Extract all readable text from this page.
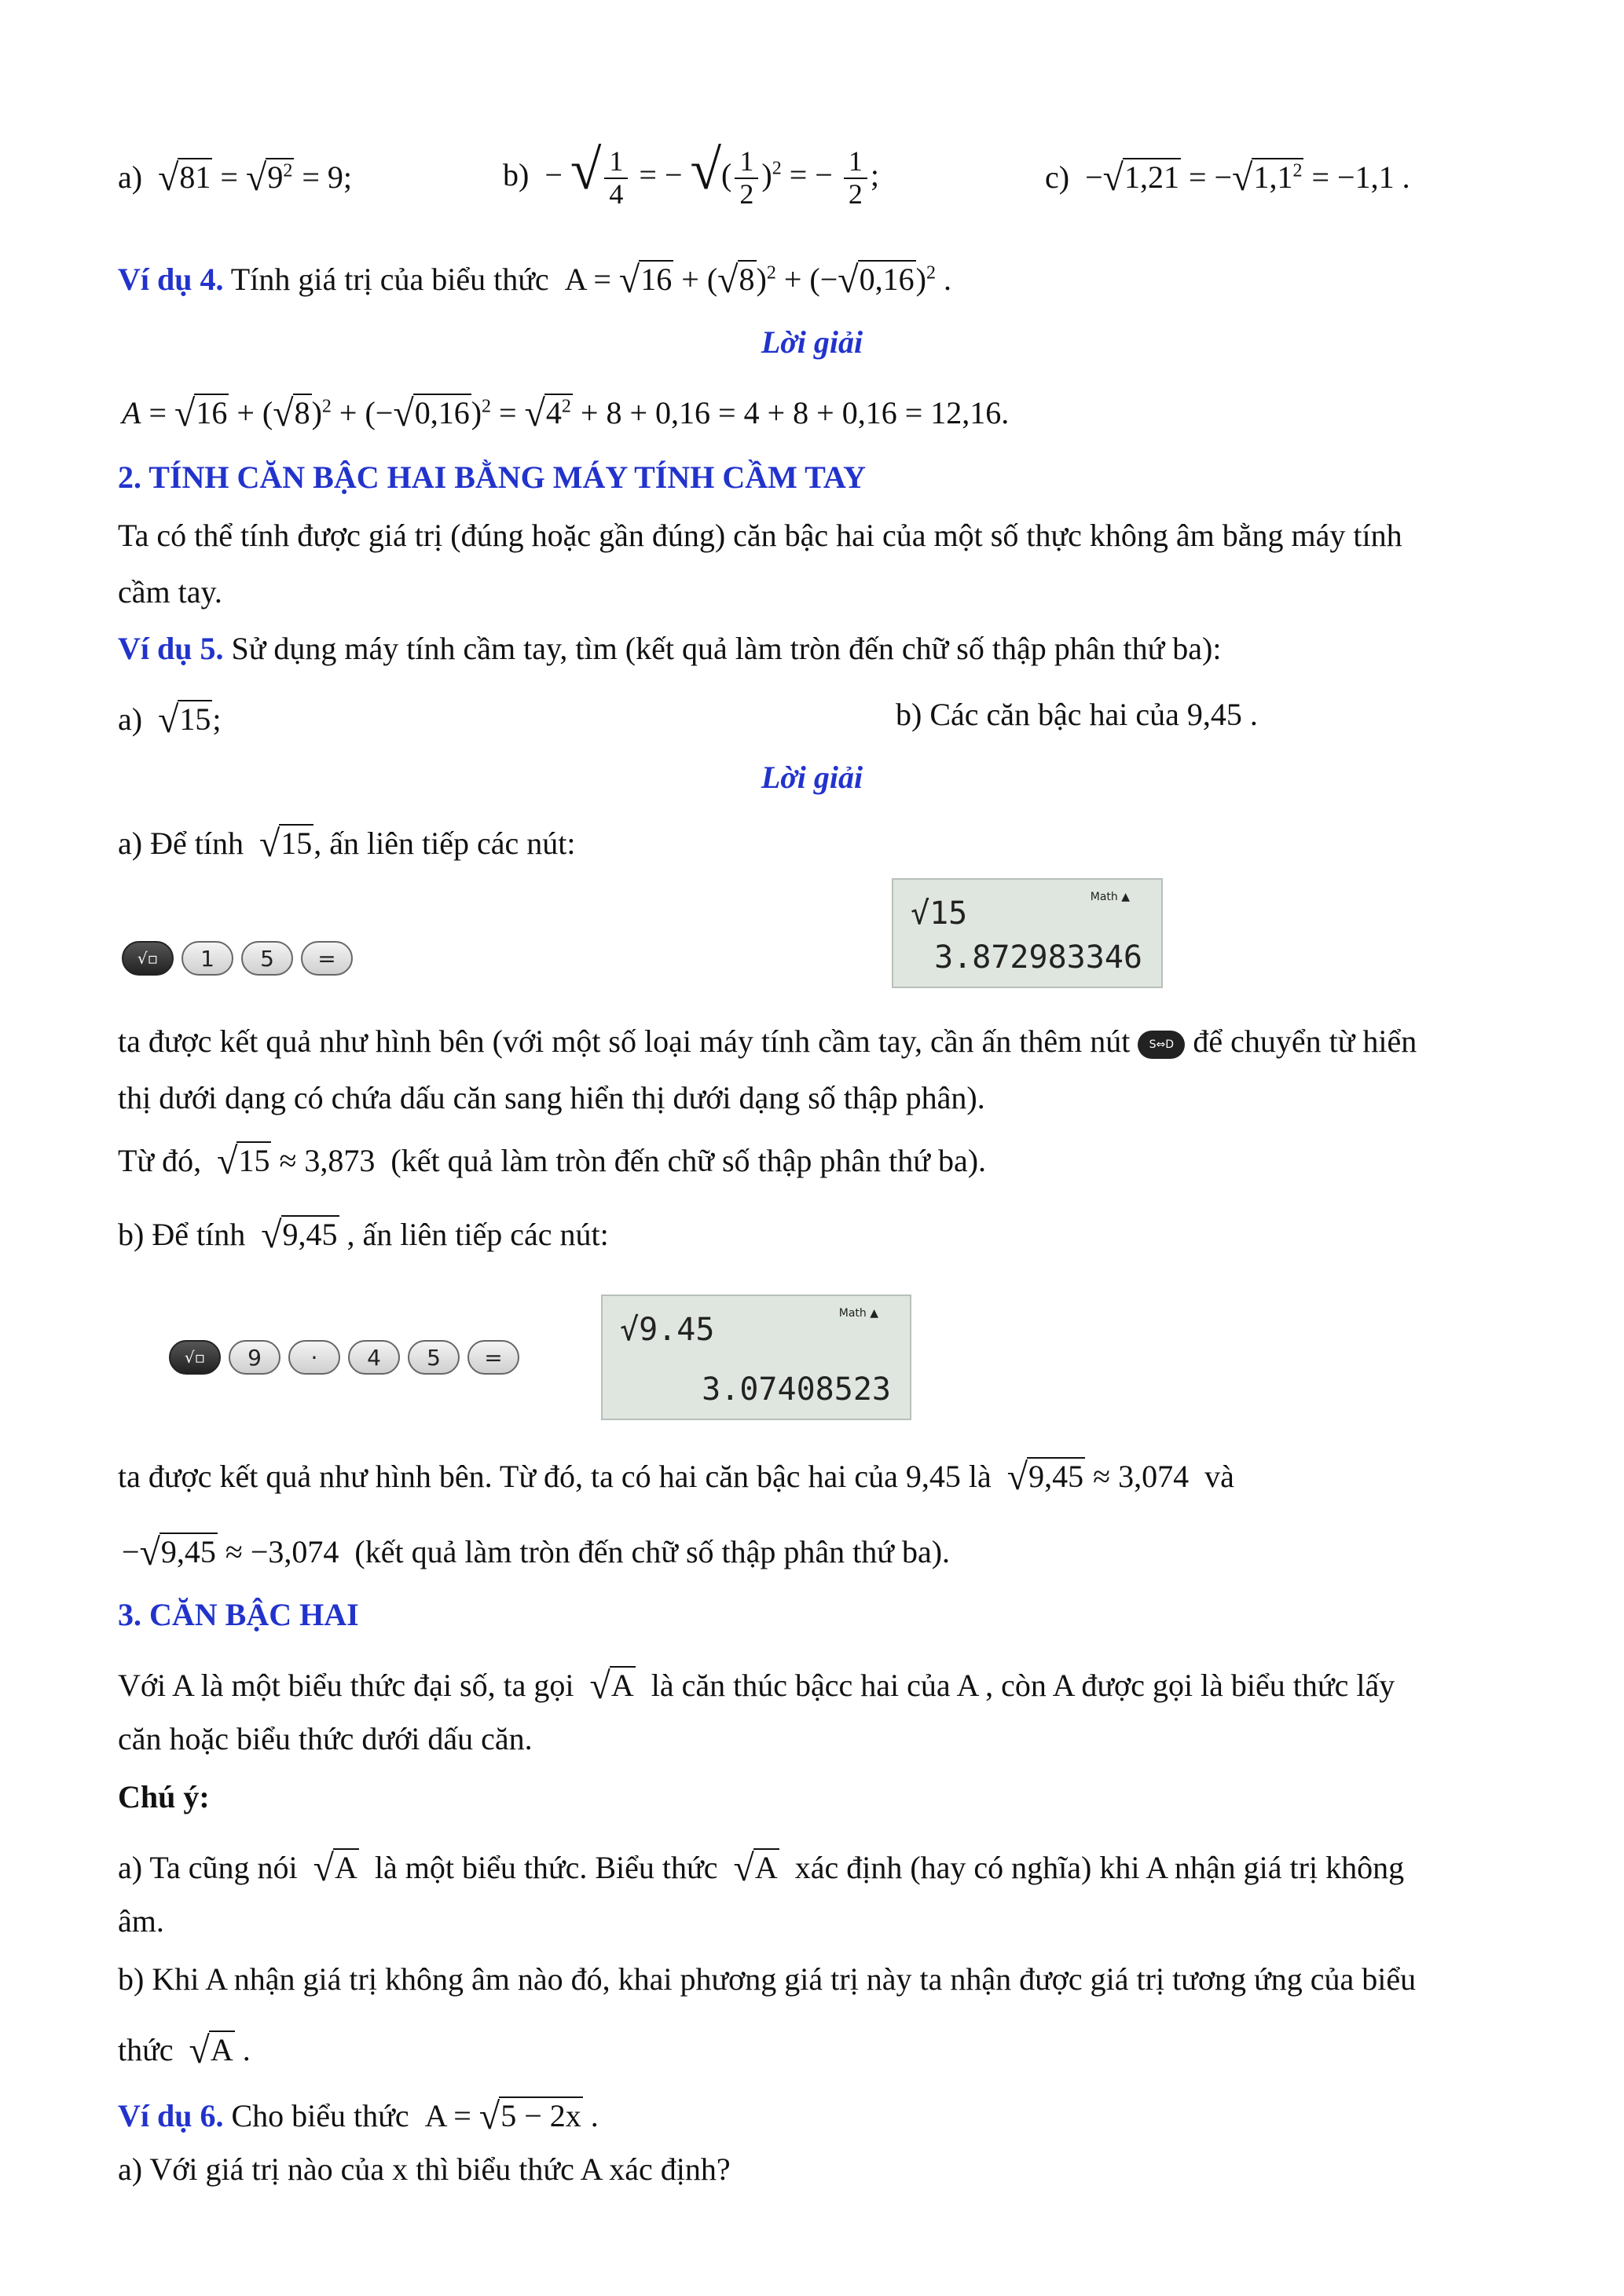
a) $√81 = √9^2 = 9$;	b)  − √ $\frac{1}{4}$ = − √( $\frac{1}{2} )^2$ = − $\frac{1}{2}$ ;	$c) -√1,21 = -√1,1^2 = -1,1$ .
Ví dụ 4. Tính giá trị của biểu thức  $A = √16 + (√8)^2 + (-√0,16)^2$ .
Lời giải
$A = √16 + (√8)^2 + (-√0,16)^2 = √4^2 + 8 + 0,16 = 4 + 8 + 0,16 = 12,16$.
2. TÍNH CĂN BẬC HAI BẰNG MÁY TÍNH CẦM TAY
Ta có thể tính được giá trị (đúng hoặc gần đúng) căn bậc hai của một số thực không âm bằng máy tính
cầm tay.
Ví dụ 5. Sử dụng máy tính cầm tay, tìm (kết quả làm tròn đến chữ số thập phân thứ ba):
a) √15;	b) Các căn bậc hai của 9,45 .
Lời giải
a) Để tính √15, ấn liên tiếp các nút:
√▫	1	5	=
Math ▲
√15
3.872983346
ta được kết quả như hình bên (với một số loại máy tính cầm tay, cần ấn thêm nút S⇔D để chuyển từ hiển
thị dưới dạng có chứa dấu căn sang hiển thị dưới dạng số thập phân).
Từ đó, √15 ≈ 3,873  (kết quả làm tròn đến chữ số thập phân thứ ba).
b) Để tính √9,45 , ấn liên tiếp các nút:
√▫	9	·	4	5	=
Math ▲
√9.45
3.07408523
ta được kết quả như hình bên. Từ đó, ta có hai căn bậc hai của 9,45 là √9,45 ≈ 3,074  và
−√9,45 ≈ −3,074  (kết quả làm tròn đến chữ số thập phân thứ ba).
3. CĂN BẬC HAI
Với A là một biểu thức đại số, ta gọi √A là căn thúc bậcc hai của A , còn A được gọi là biểu thức lấy
căn hoặc biểu thức dưới dấu căn.
Chú ý:
a) Ta cũng nói √A là một biểu thức. Biểu thức √A xác định (hay có nghĩa) khi A nhận giá trị không
âm.
b) Khi A nhận giá trị không âm nào đó, khai phương giá trị này ta nhận được giá trị tương ứng của biểu
thức √A .
Ví dụ 6. Cho biểu thức  A = √5 − 2x .
a) Với giá trị nào của x thì biểu thức A xác định?
